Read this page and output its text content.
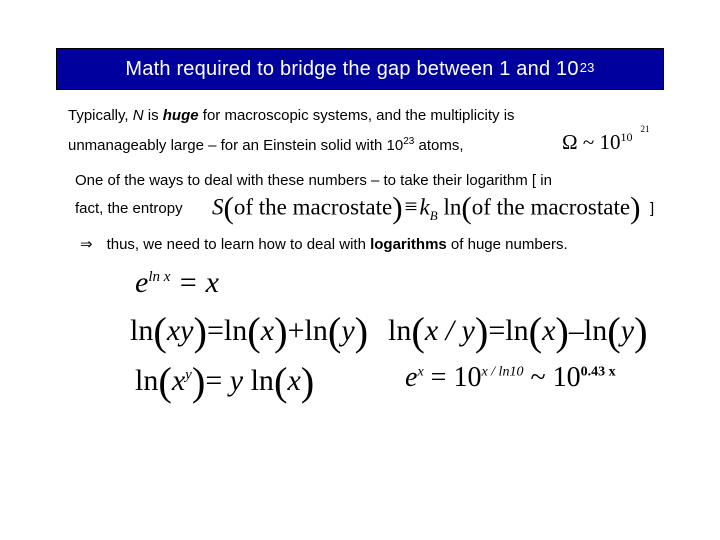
Math required to bridge the gap between 1 and $10^{23}$
Typically, N is huge for macroscopic systems, and the multiplicity is
unmanageably large – for an Einstein solid with $10^{23}$ atoms,	Ω ~ $10^{10^{21}}$
One of the ways to deal with these numbers – to take their logarithm [ in
fact, the entropy S(of the $macrostate)\equiv k_B$ ln(of the macrostate) ]
⇒ thus, we need to learn how to deal with logarithms of huge numbers.
$e^{ln x} = x$
ln(xy)=ln(x)+ln(y) ln(x / y)=ln(x)–ln(y)
$\ln(x^y)= y$ ln(x)	$e^x = 10^{x / ln10}$ ~ $10^{0.43 x}$
